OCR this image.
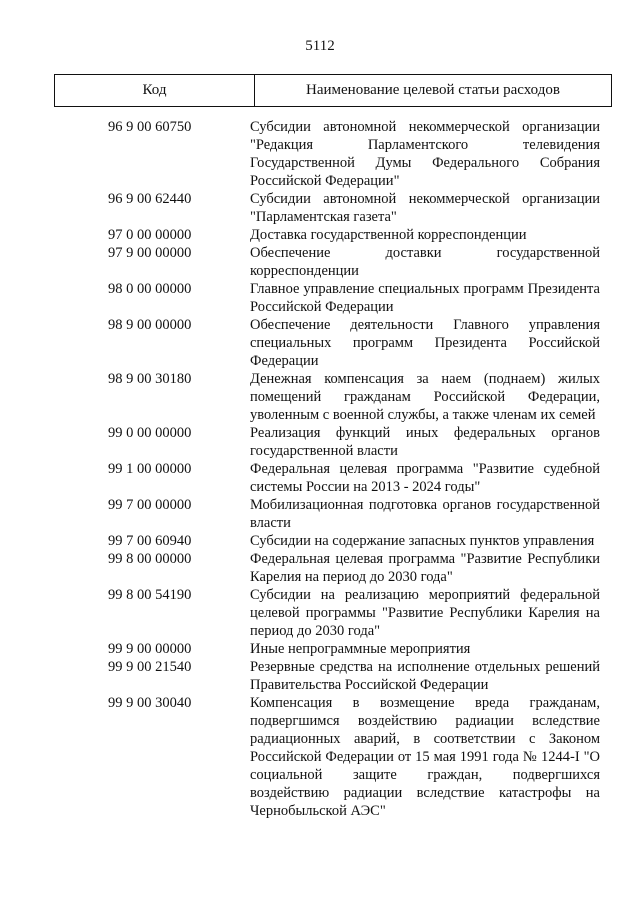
5112
Код	Наименование целевой статьи расходов
96 9 00 60750	Субсидии автономной некоммерческой организации "Редакция Парламентского телевидения Государственной Думы Федерального Собрания Российской Федерации"
96 9 00 62440	Субсидии автономной некоммерческой организации "Парламентская газета"
97 0 00 00000	Доставка государственной корреспонденции
97 9 00 00000	Обеспечение доставки государственной корреспонденции
98 0 00 00000	Главное управление специальных программ Президента Российской Федерации
98 9 00 00000	Обеспечение деятельности Главного управления специальных программ Президента Российской Федерации
98 9 00 30180	Денежная компенсация за наем (поднаем) жилых помещений гражданам Российской Федерации, уволенным с военной службы, а также членам их семей
99 0 00 00000	Реализация функций иных федеральных органов государственной власти
99 1 00 00000	Федеральная целевая программа "Развитие судебной системы России на 2013 - 2024 годы"
99 7 00 00000	Мобилизационная подготовка органов государственной власти
99 7 00 60940	Субсидии на содержание запасных пунктов управления
99 8 00 00000	Федеральная целевая программа "Развитие Республики Карелия на период до 2030 года"
99 8 00 54190	Субсидии на реализацию мероприятий федеральной целевой программы "Развитие Республики Карелия на период до 2030 года"
99 9 00 00000	Иные непрограммные мероприятия
99 9 00 21540	Резервные средства на исполнение отдельных решений Правительства Российской Федерации
99 9 00 30040	Компенсация в возмещение вреда гражданам, подвергшимся воздействию радиации вследствие радиационных аварий, в соответствии с Законом Российской Федерации от 15 мая 1991 года № 1244-I "О социальной защите граждан, подвергшихся воздействию радиации вследствие катастрофы на Чернобыльской АЭС"
